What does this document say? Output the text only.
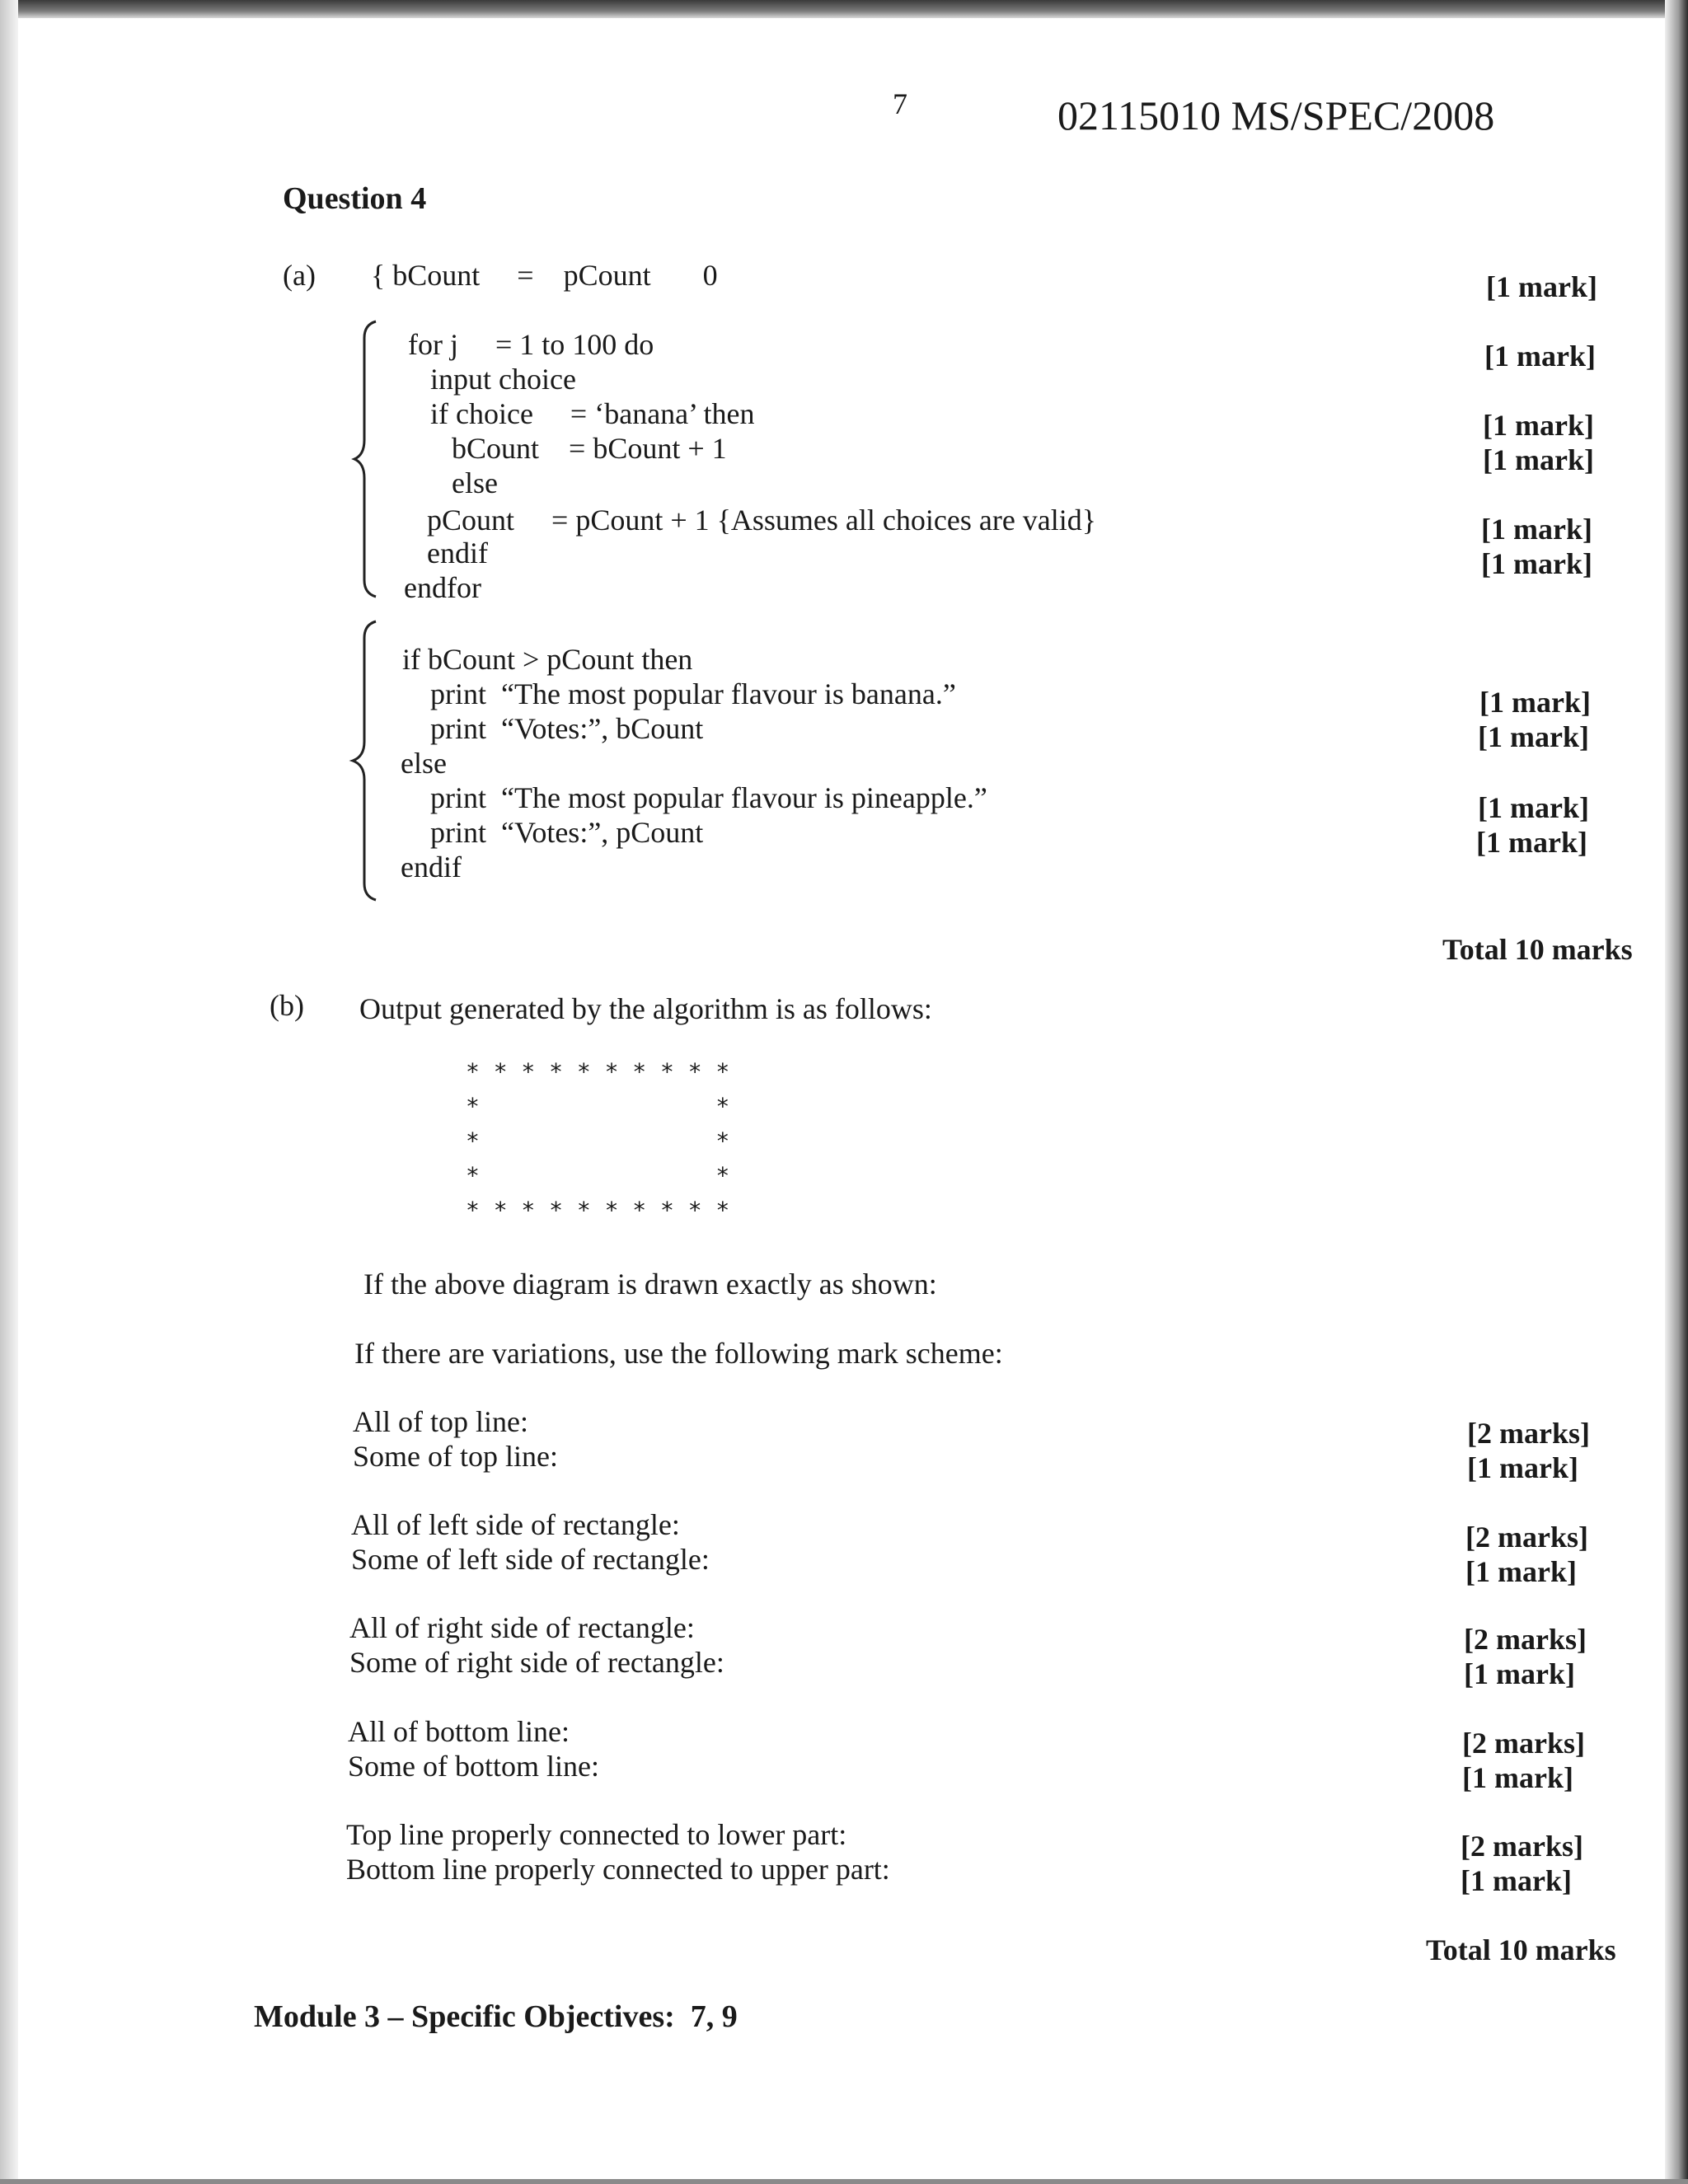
7	02115010 MS/SPEC/2008
Question 4
(a) { bCount     =    pCount       0
for j     = 1 to 100 do
input choice
if choice     = ‘banana’ then
bCount    = bCount + 1
else
pCount     = pCount + 1 {Assumes all choices are valid}
endif
endfor
if bCount > pCount then
print  “The most popular flavour is banana.”
print  “Votes:”, bCount
else
print  “The most popular flavour is pineapple.”
print  “Votes:”, pCount
endif
[1 mark]
[1 mark]
[1 mark]
[1 mark]
[1 mark]
[1 mark]
[1 mark]
[1 mark]
[1 mark]
[1 mark]
Total 10 marks
(b) Output generated by the algorithm is as follows:
* * * * * * * * * *
*                 *
*                 *
*                 *
* * * * * * * * * *
If the above diagram is drawn exactly as shown:
If there are variations, use the following mark scheme:
All of top line:
Some of top line:
[2 marks]
[1 mark]
All of left side of rectangle:
Some of left side of rectangle:
[2 marks]
[1 mark]
All of right side of rectangle:
Some of right side of rectangle:
[2 marks]
[1 mark]
All of bottom line:
Some of bottom line:
[2 marks]
[1 mark]
Top line properly connected to lower part:
Bottom line properly connected to upper part:
[2 marks]
[1 mark]
Total 10 marks
Module 3 – Specific Objectives:  7, 9
